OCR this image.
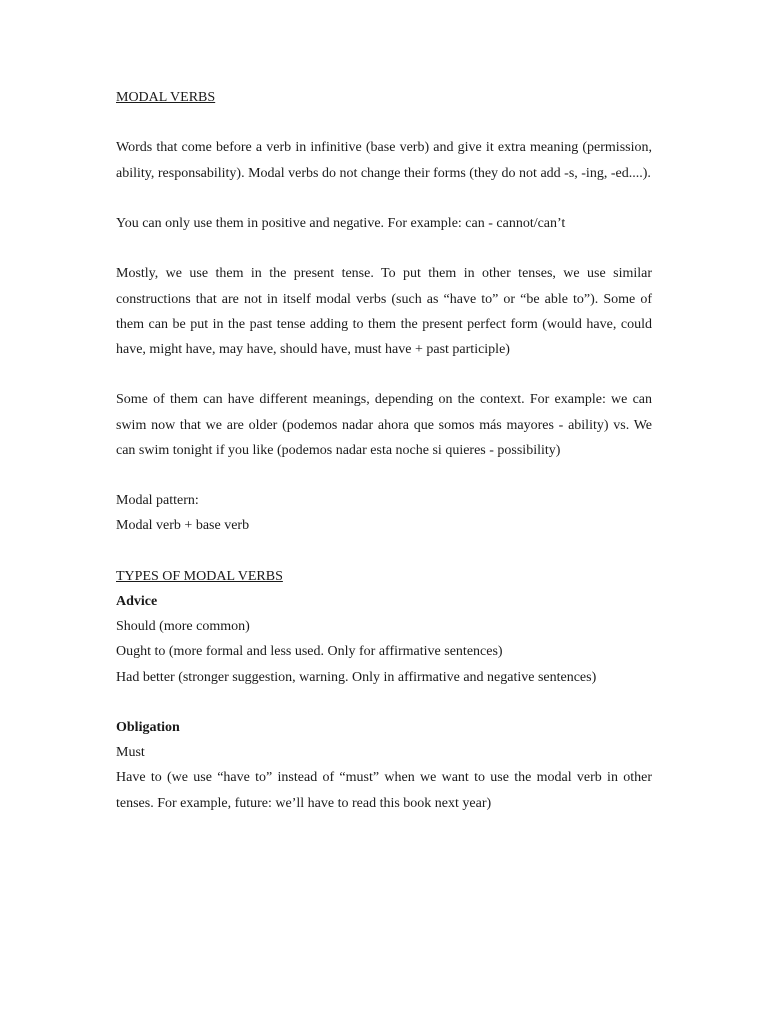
MODAL VERBS

Words that come before a verb in infinitive (base verb) and give it extra meaning (permission, ability, responsability). Modal verbs do not change their forms (they do not add -s, -ing, -ed....).

You can only use them in positive and negative. For example: can - cannot/can’t

Mostly, we use them in the present tense. To put them in other tenses, we use similar constructions that are not in itself modal verbs (such as “have to” or “be able to”). Some of them can be put in the past tense adding to them the present perfect form (would have, could have, might have, may have, should have, must have + past participle)

Some of them can have different meanings, depending on the context. For example: we can swim now that we are older (podemos nadar ahora que somos más mayores - ability) vs. We can swim tonight if you like (podemos nadar esta noche si quieres - possibility)

Modal pattern:

Modal verb + base verb

TYPES OF MODAL VERBS

Advice

Should (more common)

Ought to (more formal and less used. Only for affirmative sentences)

Had better (stronger suggestion, warning. Only in affirmative and negative sentences)

Obligation

Must

Have to (we use “have to” instead of “must” when we want to use the modal verb in other tenses. For example, future: we’ll have to read this book next year)
